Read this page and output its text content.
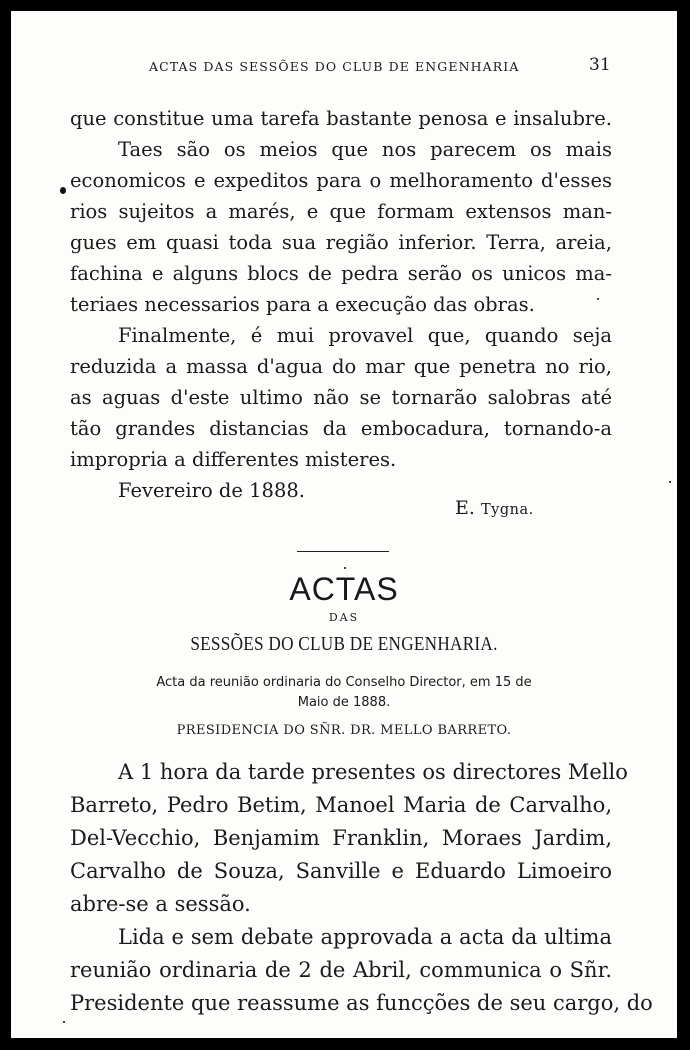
ACTAS DAS SESSÕES DO CLUB DE ENGENHARIA	31
que constitue uma tarefa bastante penosa e insalubre.
Taes são os meios que nos parecem os mais
economicos e expeditos para o melhoramento d'esses
rios sujeitos a marés, e que formam extensos man-
gues em quasi toda sua região inferior. Terra, areia,
fachina e alguns blocs de pedra serão os unicos ma-
teriaes necessarios para a execução das obras.
Finalmente, é mui provavel que, quando seja
reduzida a massa d'agua do mar que penetra no rio,
as aguas d'este ultimo não se tornarão salobras até
tão grandes distancias da embocadura, tornando-a
impropria a differentes misteres.
Fevereiro de 1888.
E. Tygna.
ACTAS
DAS
SESSÕES DO CLUB DE ENGENHARIA.
Acta da reunião ordinaria do Conselho Director, em 15 de
Maio de 1888.
PRESIDENCIA DO SÑR. DR. MELLO BARRETO.
A 1 hora da tarde presentes os directores Mello
Barreto, Pedro Betim, Manoel Maria de Carvalho,
Del-Vecchio, Benjamim Franklin, Moraes Jardim,
Carvalho de Souza, Sanville e Eduardo Limoeiro
abre-se a sessão.
Lida e sem debate approvada a acta da ultima
reunião ordinaria de 2 de Abril, communica o Sñr.
Presidente que reassume as funcções de seu cargo, do
